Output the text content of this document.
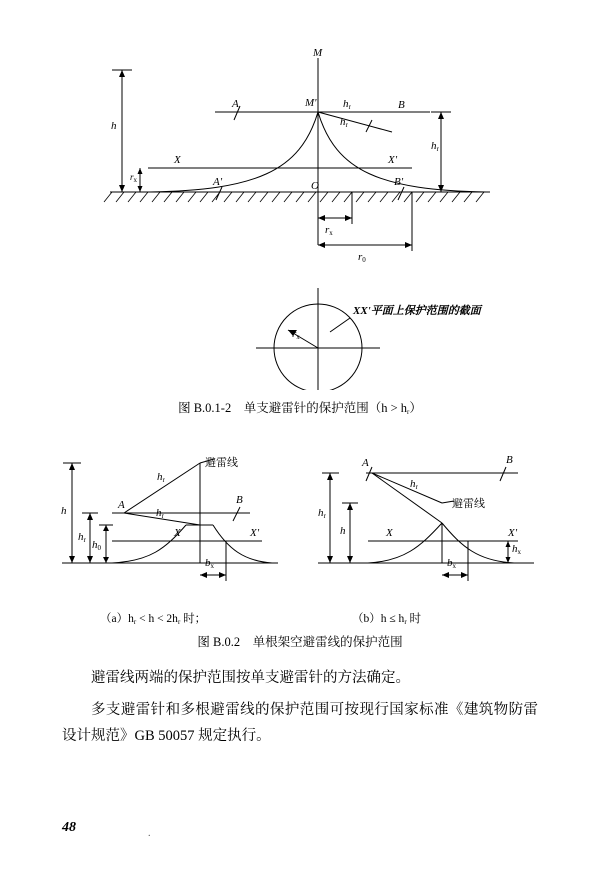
M
M'	B
A
A'	B'
X	X'
O
h
$r_x$
$h_r$
$h_r$
$h_r$
$r_x$
$r_0$
XX'平面上保护范围的截面
$r_x$
图 B.0.1-2　单支避雷针的保护范围$(h > h_r)$
避雷线
A	B
$h_r$
$h_r$
h
$h_r$ $h_0$
X	X'
$b_x$
避雷线
A	B
$h_r$
$h_r$
h
$h_x$
X	X'
$b_x$
$(a)h_r < h < 2h_r$ 时；	$(b)h \le h_r$ 时
图 B.0.2　单根架空避雷线的保护范围
避雷线两端的保护范围按单支避雷针的方法确定。
多支避雷针和多根避雷线的保护范围可按现行国家标准《建筑物防雷设计规范》GB 50057 规定执行。
48	.
